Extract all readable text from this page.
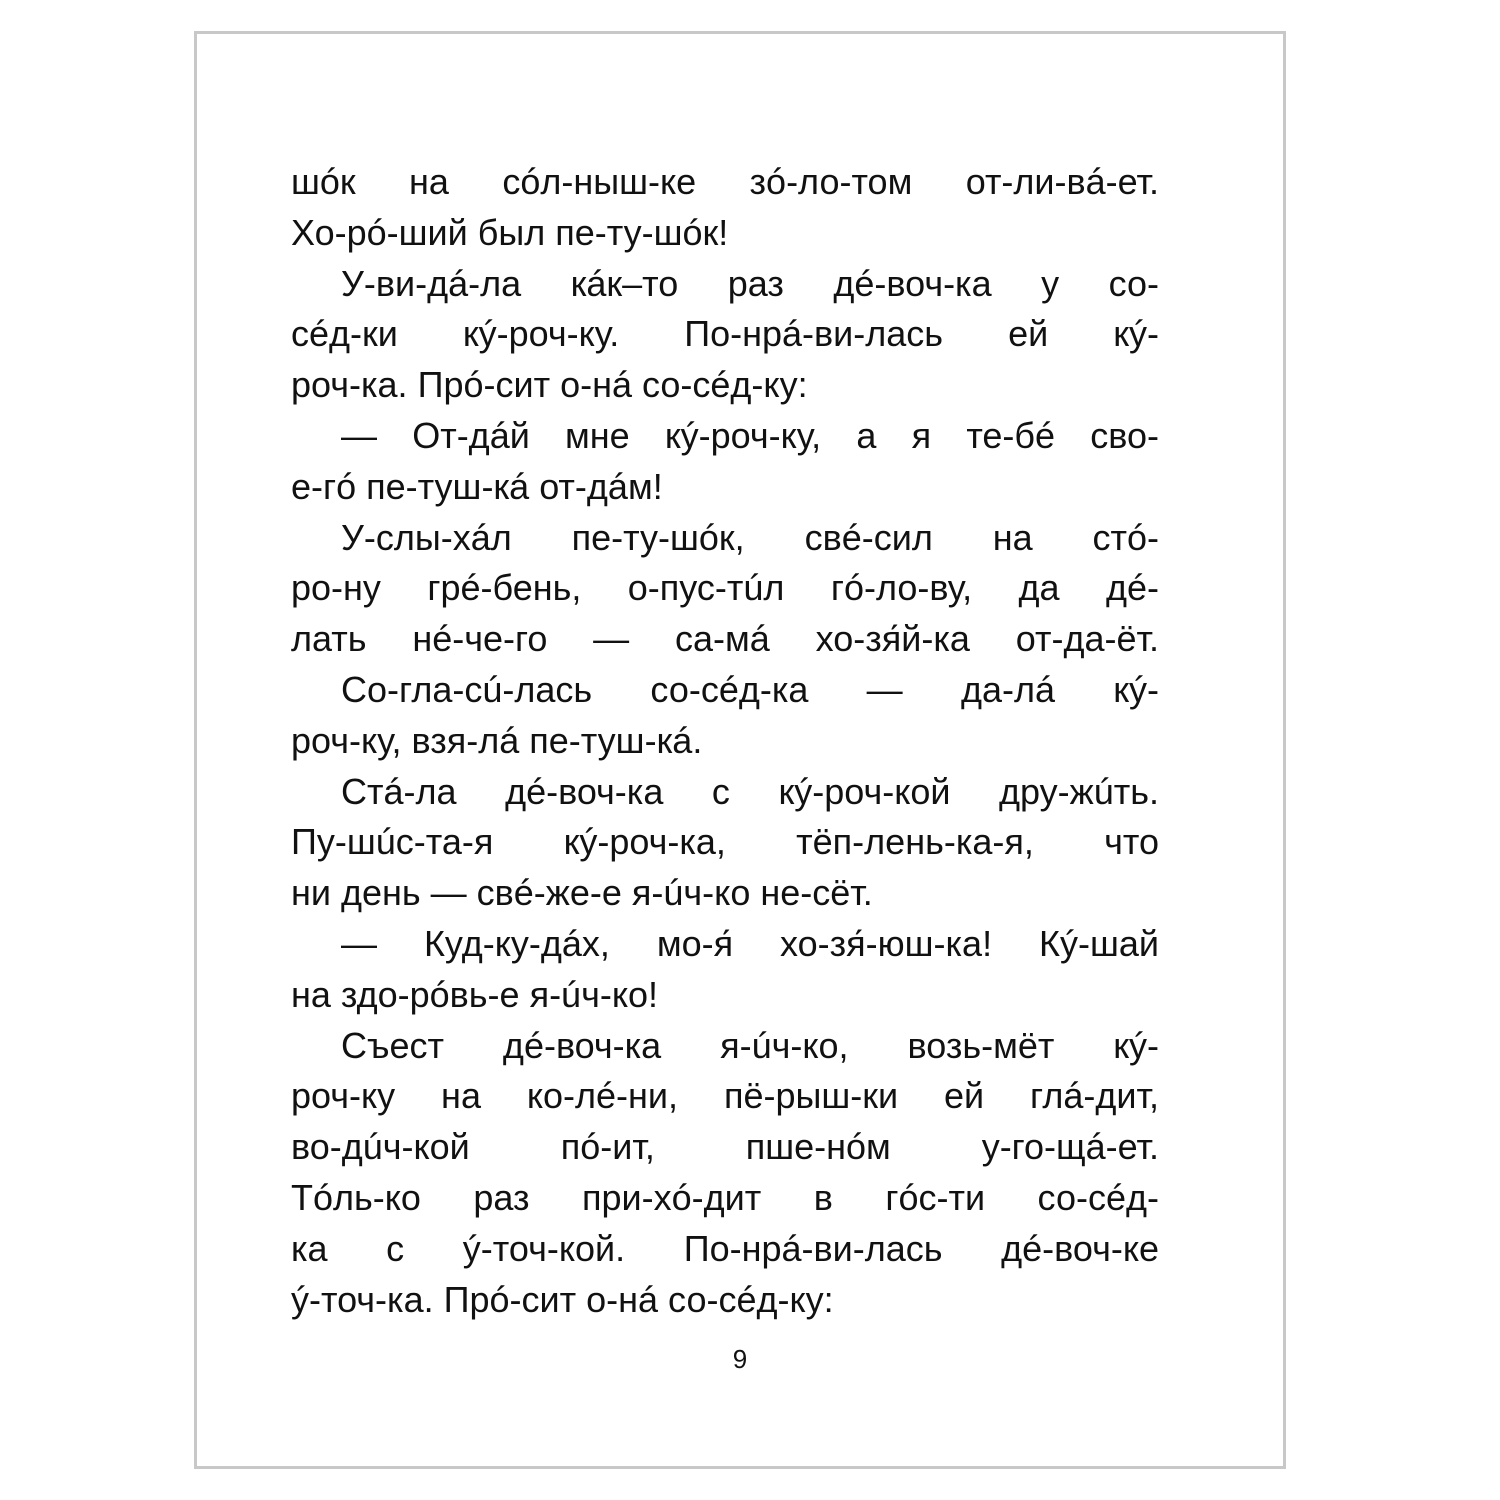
шóк на сóл-ныш-ке зó-ло-том от-ли-вá-ет.
Хо-рó-ший был пе-ту-шóк!
У-ви-дá-ла кáк–то раз дé-воч-ка у со-
сéд-ки кý-роч-ку. По-нрá-ви-лась ей кý-
роч-ка. Прó-сит о-нá со-сéд-ку:
— От-дáй мне кý-роч-ку, а я те-бé сво-
е-гó пе-туш-кá от-дáм!
У-слы-хáл пе-ту-шóк, свé-сил на стó-
ро-ну грé-бень, о-пус-тúл гó-ло-ву, да дé-
лать нé-че-го — са-мá хо-зя́й-ка от-да-ёт.
Со-гла-сú-лась со-сéд-ка — да-лá кý-
роч-ку, взя-лá пе-туш-кá.
Стá-ла дé-воч-ка с кý-роч-кой дру-жúть.
Пу-шúс-та-я кý-роч-ка, тёп-лень-ка-я, что
ни день — свé-же-е я-úч-ко не-сёт.
— Куд-ку-дáх, мо-я́ хо-зя́-юш-ка! Кý-шай
на здо-рóвь-е я-úч-ко!
Съест дé-воч-ка я-úч-ко, возь-мёт кý-
роч-ку на ко-лé-ни, пё-рыш-ки ей глá-дит,
во-дúч-кой пó-ит, пше-нóм у-го-щá-ет.
Тóль-ко раз при-хó-дит в гóс-ти со-сéд-
ка с ý-точ-кой. По-нрá-ви-лась дé-воч-ке
ý-точ-ка. Прó-сит о-нá со-сéд-ку:
9
